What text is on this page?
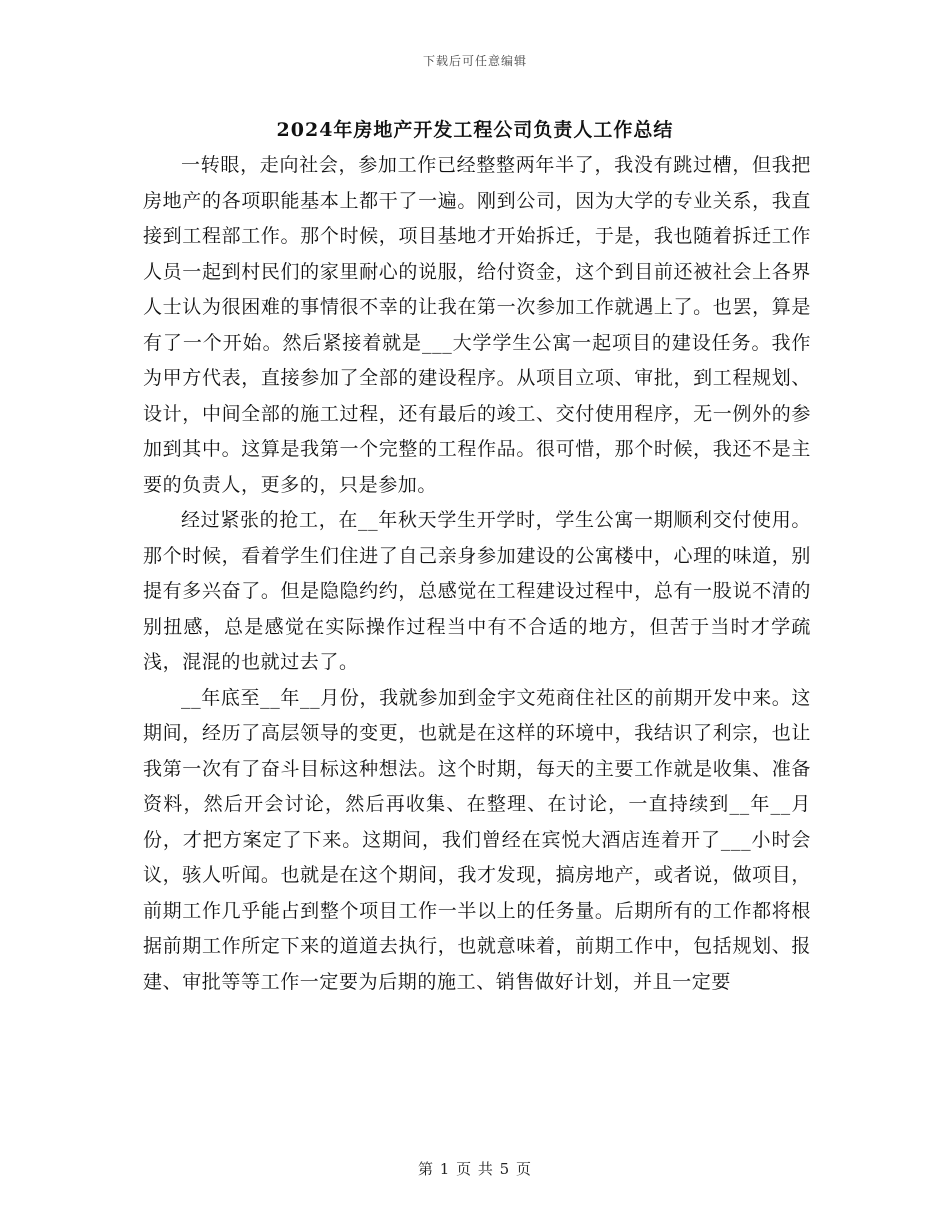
下载后可任意编辑
2024年房地产开发工程公司负责人工作总结

一转眼，走向社会，参加工作已经整整两年半了，我没有跳过槽，但我把房地产的各项职能基本上都干了一遍。刚到公司，因为大学的专业关系，我直接到工程部工作。那个时候，项目基地才开始拆迁，于是，我也随着拆迁工作人员一起到村民们的家里耐心的说服，给付资金，这个到目前还被社会上各界人士认为很困难的事情很不幸的让我在第一次参加工作就遇上了。也罢，算是有了一个开始。然后紧接着就是___大学学生公寓一起项目的建设任务。我作为甲方代表，直接参加了全部的建设程序。从项目立项、审批，到工程规划、设计，中间全部的施工过程，还有最后的竣工、交付使用程序，无一例外的参加到其中。这算是我第一个完整的工程作品。很可惜，那个时候，我还不是主要的负责人，更多的，只是参加。

经过紧张的抢工，在__年秋天学生开学时，学生公寓一期顺利交付使用。那个时候，看着学生们住进了自己亲身参加建设的公寓楼中，心理的味道，别提有多兴奋了。但是隐隐约约，总感觉在工程建设过程中，总有一股说不清的别扭感，总是感觉在实际操作过程当中有不合适的地方，但苦于当时才学疏浅，混混的也就过去了。

__年底至__年__月份，我就参加到金宇文苑商住社区的前期开发中来。这期间，经历了高层领导的变更，也就是在这样的环境中，我结识了利宗，也让我第一次有了奋斗目标这种想法。这个时期，每天的主要工作就是收集、准备资料，然后开会讨论，然后再收集、在整理、在讨论，一直持续到__年__月份，才把方案定了下来。这期间，我们曾经在宾悦大酒店连着开了___小时会议，骇人听闻。也就是在这个期间，我才发现，搞房地产，或者说，做项目，前期工作几乎能占到整个项目工作一半以上的任务量。后期所有的工作都将根据前期工作所定下来的道道去执行，也就意味着，前期工作中，包括规划、报建、审批等等工作一定要为后期的施工、销售做好计划，并且一定要

第 1 页 共 5 页
